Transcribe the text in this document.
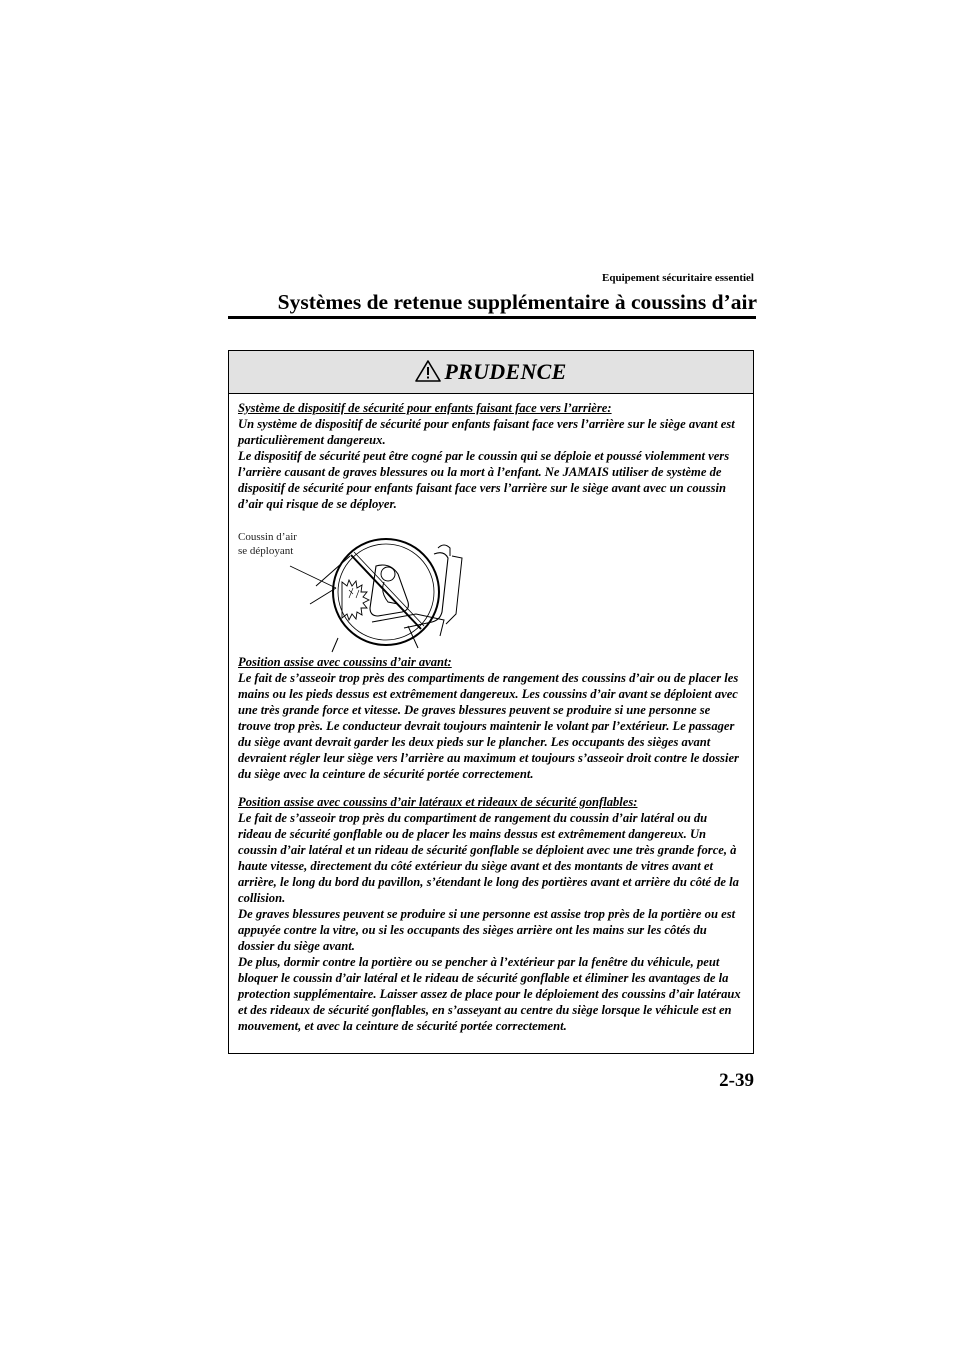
Equipement sécuritaire essentiel
Systèmes de retenue supplémentaire à coussins d’air
PRUDENCE
Système de dispositif de sécurité pour enfants faisant face vers l’arrière:
Un système de dispositif de sécurité pour enfants faisant face vers l’arrière sur le siège avant est particulièrement dangereux.
Le dispositif de sécurité peut être cogné par le coussin qui se déploie et poussé violemment vers l’arrière causant de graves blessures ou la mort à l’enfant. Ne JAMAIS utiliser de système de dispositif de sécurité pour enfants faisant face vers l’arrière sur le siège avant avec un coussin d’air qui risque de se déployer.
Coussin d’air
se déployant
Position assise avec coussins d’air avant:
Le fait de s’asseoir trop près des compartiments de rangement des coussins d’air ou de placer les mains ou les pieds dessus est extrêmement dangereux. Les coussins d’air avant se déploient avec une très grande force et vitesse. De graves blessures peuvent se produire si une personne se trouve trop près. Le conducteur devrait toujours maintenir le volant par l’extérieur. Le passager du siège avant devrait garder les deux pieds sur le plancher. Les occupants des sièges avant devraient régler leur siège vers l’arrière au maximum et toujours s’asseoir droit contre le dossier du siège avec la ceinture de sécurité portée correctement.
Position assise avec coussins d’air latéraux et rideaux de sécurité gonflables:
Le fait de s’asseoir trop près du compartiment de rangement du coussin d’air latéral ou du rideau de sécurité gonflable ou de placer les mains dessus est extrêmement dangereux. Un coussin d’air latéral et un rideau de sécurité gonflable se déploient avec une très grande force, à haute vitesse, directement du côté extérieur du siège avant et des montants de vitres avant et arrière, le long du bord du pavillon, s’étendant le long des portières avant et arrière du côté de la collision.
De graves blessures peuvent se produire si une personne est assise trop près de la portière ou est appuyée contre la vitre, ou si les occupants des sièges arrière ont les mains sur les côtés du dossier du siège avant.
De plus, dormir contre la portière ou se pencher à l’extérieur par la fenêtre du véhicule, peut bloquer le coussin d’air latéral et le rideau de sécurité gonflable et éliminer les avantages de la protection supplémentaire. Laisser assez de place pour le déploiement des coussins d’air latéraux et des rideaux de sécurité gonflables, en s’asseyant au centre du siège lorsque le véhicule est en mouvement, et avec la ceinture de sécurité portée correctement.
2-39
